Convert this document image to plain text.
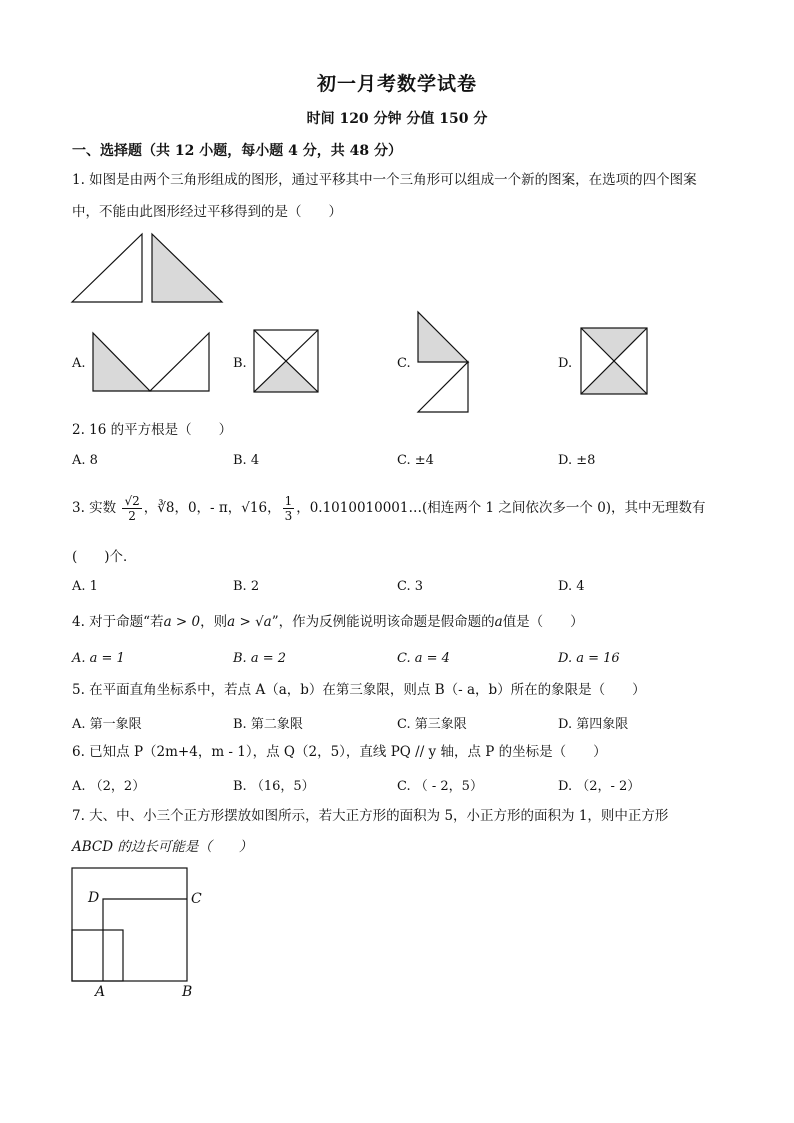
初一月考数学试卷
时间 120 分钟 分值 150 分
一、选择题（共 12 小题，每小题 4 分，共 48 分）
1. 如图是由两个三角形组成的图形，通过平移其中一个三角形可以组成一个新的图案，在选项的四个图案
中，不能由此图形经过平移得到的是（　　）
A.	B.	C.	D.
2. 16 的平方根是（　　）
A. 8	B. 4	C. ±4	D. ±8
3. 实数 $\frac{√2}{2}$ ，∛8，0，- π，√16， $\frac{1}{3}$ ，0.1010010001…(相连两个 1 之间依次多一个 0)，其中无理数有
(　　)个．
A. 1	B. 2	C. 3	D. 4
4. 对于命题“若a > 0，则a > √a”，作为反例能说明该命题是假命题的a值是（　　）
A. a = 1	B. a = 2	C. a = 4	D. a = 16
5. 在平面直角坐标系中，若点 A（a，b）在第三象限，则点 B（- a，b）所在的象限是（　　）
A. 第一象限	B. 第二象限	C. 第三象限	D. 第四象限
6. 已知点 P（2m+4，m - 1），点 Q（2，5），直线 PQ // y 轴，点 P 的坐标是（　　）
A. （2，2）	B. （16，5）	C. （ - 2，5）	D. （2，- 2）
7. 大、中、小三个正方形摆放如图所示，若大正方形的面积为 5，小正方形的面积为 1，则中正方形
ABCD 的边长可能是（　　）
D	C
A	B
